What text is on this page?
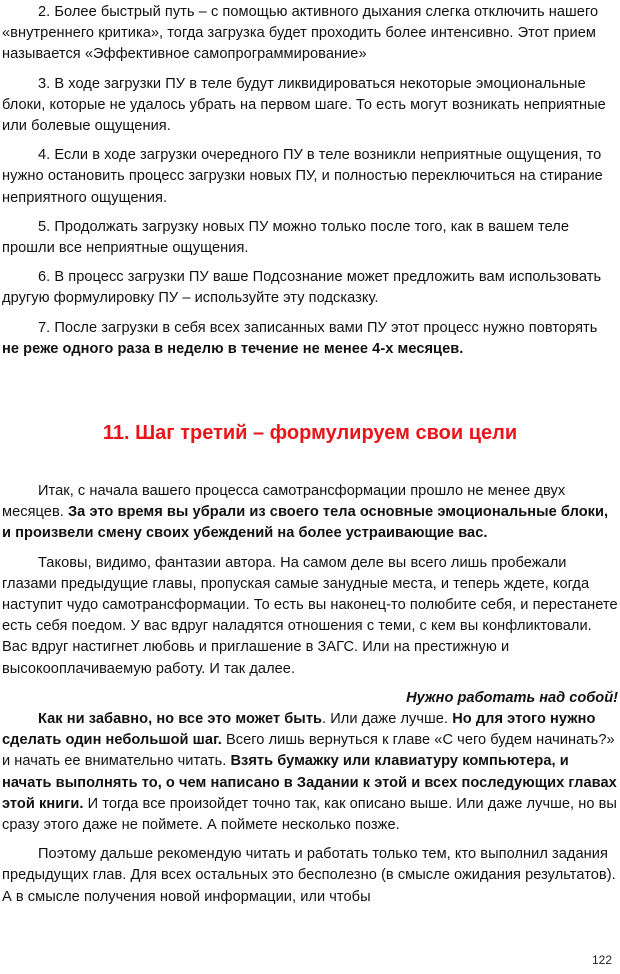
2. Более быстрый путь – с помощью активного дыхания слегка отключить нашего «внутреннего критика», тогда загрузка будет проходить более интенсивно. Этот прием называется «Эффективное самопрограммирование»

3. В ходе загрузки ПУ в теле будут ликвидироваться некоторые эмоциональные блоки, которые не удалось убрать на первом шаге. То есть могут возникать неприятные или болевые ощущения.

4. Если в ходе загрузки очередного ПУ в теле возникли неприятные ощущения, то нужно остановить процесс загрузки новых ПУ, и полностью переключиться на стирание неприятного ощущения.

5. Продолжать загрузку новых ПУ можно только после того, как в вашем теле прошли все неприятные ощущения.

6. В процесс загрузки ПУ ваше Подсознание может предложить вам использовать другую формулировку ПУ – используйте эту подсказку.

7. После загрузки в себя всех записанных вами ПУ этот процесс нужно повторять не реже одного раза в неделю в течение не менее 4-х месяцев.

11. Шаг третий – формулируем свои цели

Итак, с начала вашего процесса самотрансформации прошло не менее двух месяцев. За это время вы убрали из своего тела основные эмоциональные блоки, и произвели смену своих убеждений на более устраивающие вас.

Таковы, видимо, фантазии автора. На самом деле вы всего лишь пробежали глазами предыдущие главы, пропуская самые занудные места, и теперь ждете, когда наступит чудо самотрансформации. То есть вы наконец-то полюбите себя, и перестанете есть себя поедом. У вас вдруг наладятся отношения с теми, с кем вы конфликтовали. Вас вдруг настигнет любовь и приглашение в ЗАГС. Или на престижную и высокооплачиваемую работу. И так далее.

Нужно работать над собой!

Как ни забавно, но все это может быть. Или даже лучше. Но для этого нужно сделать один небольшой шаг. Всего лишь вернуться к главе «С чего будем начинать?» и начать ее внимательно читать. Взять бумажку или клавиатуру компьютера, и начать выполнять то, о чем написано в Задании к этой и всех последующих главах этой книги. И тогда все произойдет точно так, как описано выше. Или даже лучше, но вы сразу этого даже не поймете. А поймете несколько позже.

Поэтому дальше рекомендую читать и работать только тем, кто выполнил задания предыдущих глав. Для всех остальных это бесполезно (в смысле ожидания результатов). А в смысле получения новой информации, или чтобы

122
